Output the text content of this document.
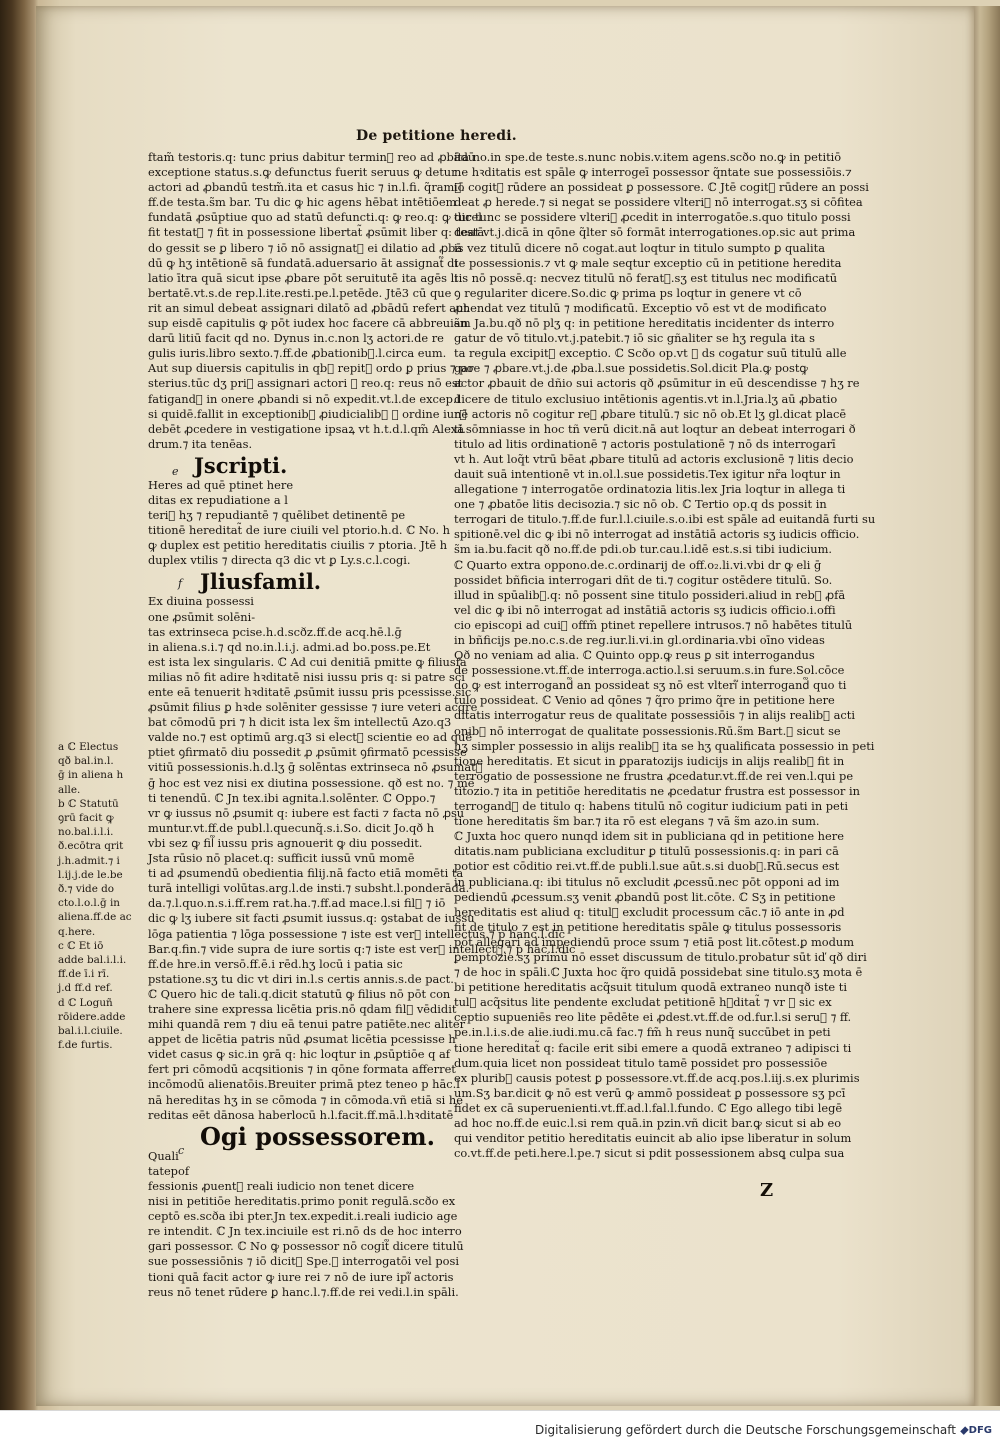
De petitione heredi.
ftam̃ testoris.q: tunc prius dabitur termin᷑ reo ad ꝓbādū
exceptione status.s.ꝙ defunctus fuerit seruus ꝙ detur
actori ad ꝓbandū testm̃.ita et casus hic ⁊ in.l.fi. q̃ram᷑.
ff.de testa.s̃m bar. Tu dic ꝙ hic agens hēbat intētiōem
fundatā ꝓsūptiue quo ad statū defuncti.q: ꝙ reo.q: ꝙ dicel
fit testat᷑ ⁊ fit in possessione libertat̃ ꝓsūmit liber q: testā
do gessit se ꝑ libero ⁊ iō nō assignat᷑ ei dilatio ad ꝓbā
dū ꝙ hʒ intētionē sā fundatā.aduersario āt assignat᷑ di
latio ītra quā sicut ipse ꝓbare pōt seruitutē ita agēs li
bertatē.vt.s.de rep.l.ite.resti.pe.l.petēde. Jtē3 cū que
rit an simul debeat assignari dilatō ad ꝓbādū refert aut
sup eisdē capitulis ꝙ pōt iudex hoc facere cā abbreuian
darū litiū facit qd no. Dynus in.c.non lʒ actori.de re
gulis iuris.libro sexto.⁊.ff.de ꝓbationib᷑.l.circa eum.
Aut sup diuersis capitulis in qb᷑ repit᷑ ordo ꝑ prius ⁊ po
sterius.tūc dʒ pri᷑ assignari actori ꝙ reo.q: reus nō est
fatigand᷑ in onere ꝓbandi si nō expedit.vt.l.de excep.l
si quidē.fallit in exceptionib᷑ ꝓiudicialib᷑ ꝙ ordine iur᷑
debēt ꝓcedere in vestigatione ipsaꝝ vt h.t.d.l.qm̃ Alexā
drum.⁊ ita tenēas.
e Jscripti.
Heres ad quē ptinet here
ditas ex repudiatione a l
teri᷑ hʒ ⁊ repudiantē ⁊ quēlibet detinentē pe
titionē hereditat̃ de iure ciuili vel ptorio.h.d. ℂ No. h
ꝙ duplex est petitio hereditatis ciuilis ⁊ ptoria. Jtē h
duplex vtilis ⁊ directa q3 dic vt ꝑ Ly.s.c.l.cogi.
f Jliusfamil.
Ex diuina possessi
one ꝓsūmit solēni-
tas extrinseca pcise.h.d.scðz.ff.de acq.hē.l.ḡ
in aliena.s.i.⁊ qd no.in.l.i.j. admi.ad bo.poss.pe.Et
est ista lex singularis. ℂ Ad cui denitiā pmitte ꝙ filiusfa
milias nō fit adire hꝛditatē nisi iussu pris q: si patre sci
ente eā tenuerit hꝛditatē ꝓsūmit iussu pris pcessisse.sic
ꝓsūmit filius ꝑ hꝛde solēniter gessisse ⁊ iure veteri acqre
bat cōmodū pri ⁊ h dicit ista lex s̃m intellectū Azo.q3
valde no.⁊ est optimū arg.q3 si elect᷑ scientie eo ad quē
ptiet ꝯfirmatō diu possedit ꝓ ꝓsūmit ꝯfirmatō pcessisse
vitiū possessionis.h.d.lʒ ḡ solēntas extrinseca nō ꝓsumat᷑
ḡ hoc est vez nisi ex diutina possessione. qð est no. ⁊ mē
ti tenendū. ℂ Jn tex.ibi agnita.l.solēnter. ℂ Oppo.⁊
vr ꝙ iussus nō ꝓsumit q: iubere est facti ⁊ facta nō ꝓsu
muntur.vt.ff.de publ.l.quecunq̃.s.i.So. dicit Jo.qð h
vbi sez ꝙ fil᷑ iussu pris agnouerit ꝙ diu possedit.
Jsta rūsio nō placet.q: sufficit iussū vnū momē
ti ad ꝓsumendū obedientia filij.nā facto etiā momēti ta
turā intelligi volūtas.arg.l.de insti.⁊ subsht.l.ponderāda.
da.⁊.l.quo.n.s.i.ff.rem rat.ha.⁊.ff.ad mace.l.si fil᷑ ⁊ iō
dic ꝙ lʒ iubere sit facti ꝓsumit iussus.q: ꝯstabat de iussu
lōga patientia ⁊ lōga possessione ⁊ iste est ver᷑ intellectus.⁊ p hanc.l.dic
Bar.q.fin.⁊ vide supra de iure sortis q:⁊ iste est ver᷑ intellect᷑.⁊ p hāc.l.dic
ff.de hre.in versō.ff.ē.i rēd.hʒ locū i patia sic
pstatione.sʒ tu dic vt diri in.l.s certis annis.s.de pact.
ℂ Quero hic de tali.q.dicit statutū ꝙ filius nō pōt con
trahere sine expressa licētia pris.nō qdam fil᷑ vēdidit
mihi quandā rem ⁊ diu eā tenui patre patiēte.nec aliter
appet de licētia patris nūd ꝓsumat licētia pcessisse h
videt casus ꝙ sic.in ꝯrā q: hic loqtur in ꝓsūptiōe q af
fert pri cōmodū acqsitionis ⁊ in qōne formata afferret
incōmodū alienatōis.Breuiter primā ptez teneo p hāc.l
nā hereditas hʒ in se cōmoda ⁊ in cōmoda.vñ etiā si he
reditas eēt dānosa haberlocū h.l.facit.ff.mā.l.hꝛditatē
c Ogi possessorem.
Quali
tatepof
fessionis ꝓuent᷑ reali iudicio non tenet dicere
nisi in petitiōe hereditatis.primo ponit regulā.scðo ex
ceptō es.scða ibi pter.Jn tex.expedit.i.reali iudicio age
re intendit. ℂ Jn tex.inciuile est ri.nō ds de hoc interro
gari possessor. ℂ No ꝙ possessor nō cogit᷑ dicere titulū
sue possessiōnis ⁊ iō dicit᷑ Spe.ꝙ interrogatōi vel posi
tioni quā facit actor ꝙ iure rei ⁊ nō de iure ipi᷑ actoris
reus nō tenet rūdere ꝑ hanc.l.⁊.ff.de rei vedi.l.in spāli.
ita no.in spe.de teste.s.nunc nobis.v.item agens.scðo no.ꝙ in petitiō
ne hꝛditatis est spāle ꝙ interrogeī possessor q̃ntate sue possessiōis.⁊
iō cogit᷑ rūdere an possideat ꝑ possessore. ℂ Jtē cogit᷑ rūdere an possi
deat ꝓ herede.⁊ si negat se possidere vlteri᷑ nō interrogat.sʒ si cōfitea
tur tunc se possidere vlteri᷑ ꝓcedit in interrogatōe.s.quo titulo possi
deat vt.j.dicā in qōne q̃lter sō formāt interrogationes.op.sic aut prima
is vez titulū dicere nō cogat.aut loqtur in titulo sumpto ꝑ qualita
te possessionis.⁊ vt ꝙ male seqtur exceptio cū in petitione heredita
tis nō possē.q: necvez titulū nō ferat᷑.sʒ est titulus nec modificatū
ꝯ regulariter dicere.So.dic ꝙ prima ps loqtur in genere vt cō
ꝓhendat vez titulū ⁊ modificatū. Exceptio vō est vt de modificato
s̃m Ja.bu.qð nō plʒ q: in petitione hereditatis incidenter ds interro
gatur de vō titulo.vt.j.patebit.⁊ iō sic gñaliter se hʒ regula ita s
ta regula excipit᷑ exceptio. ℂ Scðo op.vt ꝙ ds cogatur suū titulū alle
gare ⁊ ꝓbare.vt.j.de ꝓba.l.sue possidetis.Sol.dicit Pla.ꝙ postꝙ
actor ꝓbauit de dñio sui actoris qð ꝓsūmitur in eū descendisse ⁊ hʒ re
dicere de titulo exclusiuo intētionis agentis.vt in.l.Jria.lʒ aū ꝓbatio
nē actoris nō cogitur re᷑ ꝓbare titulū.⁊ sic nō ob.Et lʒ gl.dicat placē
ti.sōmniasse in hoc tñ verū dicit.nā aut loqtur an debeat interrogari ð
titulo ad litis ordinationē ⁊ actoris postulationē ⁊ nō ds interrogarī
vt h. Aut loq̃t vtrū bēat ꝓbare titulū ad actoris exclusionē ⁊ litis decio
dauit suā intentionē vt in.ol.l.sue possidetis.Tex igitur nr̃a loqtur in
allegatione ⁊ interrogatōe ordinatozia litis.lex Jria loqtur in allega ti
one ⁊ ꝓbatōe litis decisozia.⁊ sic nō ob. ℂ Tertio op.q ds possit in
terrogari de titulo.⁊.ff.de fur.l.l.ciuile.s.o.ibi est spāle ad euitandā furti su
spitionē.vel dic ꝙ ibi nō interrogat ad instātiā actoris sʒ iudicis officio.
s̃m ia.bu.facit qð no.ff.de pdi.ob tur.cau.l.idē est.s.si tibi iudicium.
ℂ Quarto extra oppono.de.c.ordinarij de off.o₂.li.vi.vbi dr ꝙ eli ḡ
possidet bñficia interrogari dñt de ti.⁊ cogitur ostēdere titulū. So.
illud in spūalib᷑.q: nō possent sine titulo possideri.aliud in reb᷑ ꝓfā
vel dic ꝙ ibi nō interrogat ad instātiā actoris sʒ iudicis officio.i.offi
cio episcopi ad cui᷑ offm̃ ptinet repellere intrusos.⁊ nō habētes titulū
in bñficijs pe.no.c.s.de reg.iur.li.vi.in gl.ordinaria.vbi oīno videas
Qð no veniam ad alia. ℂ Quinto opp.ꝙ reus ꝑ sit interrogandus
de possessione.vt.ff.de interroga.actio.l.si seruum.s.in fure.Sol.cōce
do ꝙ est interrogand᷑ an possideat sʒ nō est vlteri᷑ interrogand᷑ quo ti
tulo possideat. ℂ Venio ad qōnes ⁊ q̃ro primo q̃re in petitione here
ditatis interrogatur reus de qualitate possessiōis ⁊ in alijs realib᷑ acti
onib᷑ nō interrogat de qualitate possessionis.Rū.s̃m Bart.ꝙ sicut se
hʒ simpler possessio in alijs realib᷑ ita se hʒ qualificata possessio in peti
tione hereditatis. Et sicut in ꝑparatozijs iudicijs in alijs realib᷑ fit in
terrogatio de possessione ne frustra ꝓcedatur.vt.ff.de rei ven.l.qui pe
titozio.⁊ ita in petitiōe hereditatis ne ꝓcedatur frustra est possessor in
terrogand᷑ de titulo q: habens titulū nō cogitur iudicium pati in peti
tione hereditatis s̃m bar.⁊ ita rō est elegans ⁊ vā s̃m azo.in sum.
ℂ Juxta hoc quero nunqd idem sit in publiciana qd in petitione here
ditatis.nam publiciana excluditur ꝑ titulū possessionis.q: in pari cā
potior est cōditio rei.vt.ff.de publi.l.sue aūt.s.si duob᷑.Rū.secus est
in publiciana.q: ibi titulus nō excludit ꝓcessū.nec pōt opponi ad im
pediendū ꝓcessum.sʒ venit ꝓbandū post lit.cōte. ℂ Sʒ in petitione
hereditatis est aliud q: titul᷑ excludit processum cāc.⁊ iō ante in ꝓd
fit de titulo ⁊ est in petitione hereditatis spāle ꝙ titulus possessoris
pōt allegari ad impediendū proce ssum ⁊ etiā post lit.cōtest.ꝑ modum
ꝑemptozie.sʒ primū nō esset discussum de titulo.probatur sūt iď qð diri
⁊ de hoc in spāli.ℂ Juxta hoc q̃ro quidā possidebat sine titulo.sʒ mota ē
bi petitione hereditatis acq̃suit titulum quodā extraneo nunqð iste ti
tul᷑ acq̃situs lite pendente excludat petitionē hꝛditat̃ ⁊ vr ꝙ sic ex
ceptio supueniēs reo lite pēdēte ei ꝓdest.vt.ff.de od.fur.l.si seru᷑ ⁊ ff.
pe.in.l.i.s.de alie.iudi.mu.cā fac.⁊ fm̃ h reus nunq̃ succūbet in peti
tione hereditat̃ q: facile erit sibi emere a quodā extraneo ⁊ adipisci ti
dum.quia licet non possideat titulo tamē possidet pro possessiōe
ex plurib᷑ causis potest ꝑ possessore.vt.ff.de acq.pos.l.iij.s.ex plurimis
um.Sʒ bar.dicit ꝙ nō est verū ꝙ ammō possideat ꝑ possessore sʒ pcī
fidet ex cā superuenienti.vt.ff.ad.l.fal.l.fundo. ℂ Ego allego tibi legē
ad hoc no.ff.de euic.l.si rem quā.in pzin.vñ dicit bar.ꝙ sicut si ab eo
qui venditor petitio hereditatis euincit ab alio ipse liberatur in solum
co.vt.ff.de peti.here.l.pe.⁊ sicut si pdit possessionem absꝗ culpa sua
a ℂ Electus
qð bal.in.l.
ḡ in aliena h
alle.
b ℂ Statutū
ꝯrū facit ꝙ
no.bal.i.l.i.
ð.ecōtra qrit
j.h.admit.⁊ i
l.ij.j.de le.be
ð.⁊ vide do
cto.l.o.l.ḡ in
aliena.ff.de ac
q.here.
c ℂ Et iō
adde bal.i.l.i.
ff.de ī.i rī.
j.d ff.d ref.
d ℂ Loguñ
rōidere.adde
bal.i.l.ciuile.
f.de furtis.
Z
Digitalisierung gefördert durch die Deutsche Forschungsgemeinschaft DFG
